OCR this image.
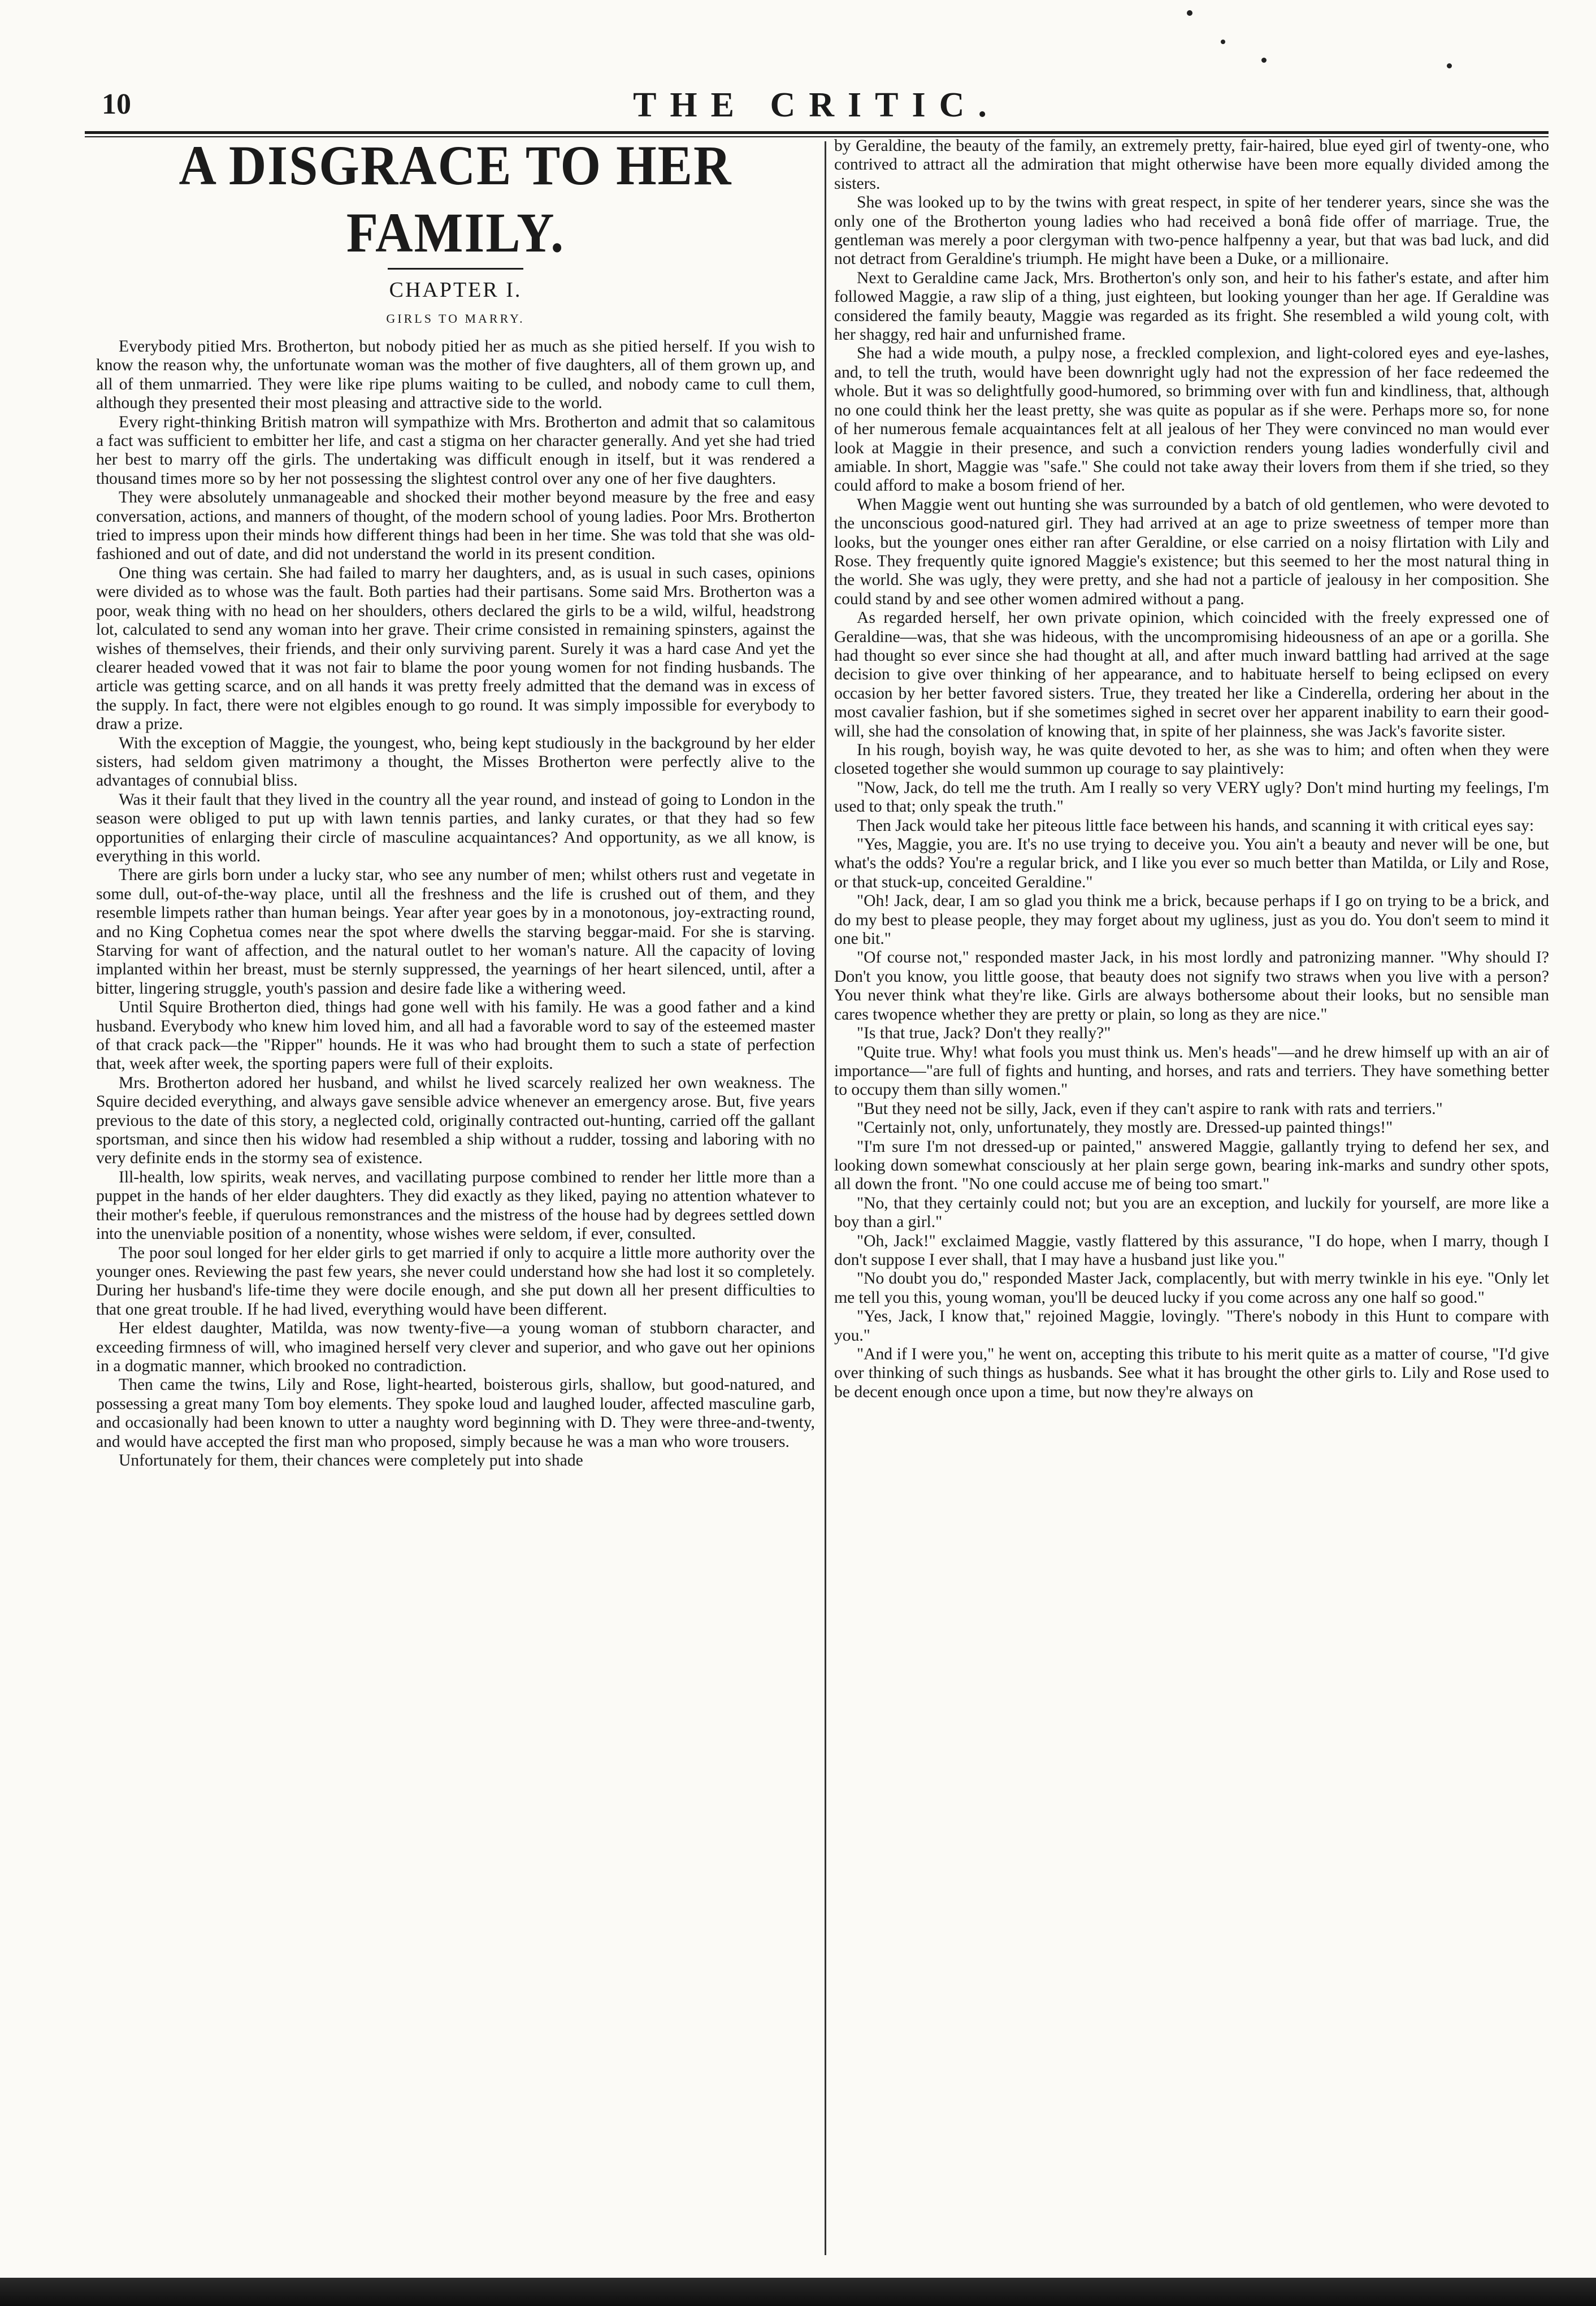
10	THE CRITIC.
A DISGRACE TO HER FAMILY.
CHAPTER I.
GIRLS TO MARRY.

Everybody pitied Mrs. Brotherton, but nobody pitied her as much as she pitied herself. If you wish to know the reason why, the unfortunate woman was the mother of five daughters, all of them grown up, and all of them unmarried. They were like ripe plums waiting to be culled, and nobody came to cull them, although they presented their most pleasing and attractive side to the world.

Every right-thinking British matron will sympathize with Mrs. Brotherton and admit that so calamitous a fact was sufficient to embitter her life, and cast a stigma on her character generally. And yet she had tried her best to marry off the girls. The undertaking was difficult enough in itself, but it was rendered a thousand times more so by her not possessing the slightest control over any one of her five daughters.

They were absolutely unmanageable and shocked their mother beyond measure by the free and easy conversation, actions, and manners of thought, of the modern school of young ladies. Poor Mrs. Brotherton tried to impress upon their minds how different things had been in her time. She was told that she was old-fashioned and out of date, and did not understand the world in its present condition.

One thing was certain. She had failed to marry her daughters, and, as is usual in such cases, opinions were divided as to whose was the fault. Both parties had their partisans. Some said Mrs. Brotherton was a poor, weak thing with no head on her shoulders, others declared the girls to be a wild, wilful, headstrong lot, calculated to send any woman into her grave. Their crime consisted in remaining spinsters, against the wishes of themselves, their friends, and their only surviving parent. Surely it was a hard case And yet the clearer headed vowed that it was not fair to blame the poor young women for not finding husbands. The article was getting scarce, and on all hands it was pretty freely admitted that the demand was in excess of the supply. In fact, there were not elgibles enough to go round. It was simply impossible for everybody to draw a prize.

With the exception of Maggie, the youngest, who, being kept studiously in the background by her elder sisters, had seldom given matrimony a thought, the Misses Brotherton were perfectly alive to the advantages of connubial bliss.

Was it their fault that they lived in the country all the year round, and instead of going to London in the season were obliged to put up with lawn tennis parties, and lanky curates, or that they had so few opportunities of enlarging their circle of masculine acquaintances? And opportunity, as we all know, is everything in this world.

There are girls born under a lucky star, who see any number of men; whilst others rust and vegetate in some dull, out-of-the-way place, until all the freshness and the life is crushed out of them, and they resemble limpets rather than human beings. Year after year goes by in a monotonous, joy-extracting round, and no King Cophetua comes near the spot where dwells the starving beggar-maid. For she is starving. Starving for want of affection, and the natural outlet to her woman's nature. All the capacity of loving implanted within her breast, must be sternly suppressed, the yearnings of her heart silenced, until, after a bitter, lingering struggle, youth's passion and desire fade like a withering weed.

Until Squire Brotherton died, things had gone well with his family. He was a good father and a kind husband. Everybody who knew him loved him, and all had a favorable word to say of the esteemed master of that crack pack—the "Ripper" hounds. He it was who had brought them to such a state of perfection that, week after week, the sporting papers were full of their exploits.

Mrs. Brotherton adored her husband, and whilst he lived scarcely realized her own weakness. The Squire decided everything, and always gave sensible advice whenever an emergency arose. But, five years previous to the date of this story, a neglected cold, originally contracted out-hunting, carried off the gallant sportsman, and since then his widow had resembled a ship without a rudder, tossing and laboring with no very definite ends in the stormy sea of existence.

Ill-health, low spirits, weak nerves, and vacillating purpose combined to render her little more than a puppet in the hands of her elder daughters. They did exactly as they liked, paying no attention whatever to their mother's feeble, if querulous remonstrances and the mistress of the house had by degrees settled down into the unenviable position of a nonentity, whose wishes were seldom, if ever, consulted.

The poor soul longed for her elder girls to get married if only to acquire a little more authority over the younger ones. Reviewing the past few years, she never could understand how she had lost it so completely. During her husband's life-time they were docile enough, and she put down all her present difficulties to that one great trouble. If he had lived, everything would have been different.

Her eldest daughter, Matilda, was now twenty-five—a young woman of stubborn character, and exceeding firmness of will, who imagined herself very clever and superior, and who gave out her opinions in a dogmatic manner, which brooked no contradiction.

Then came the twins, Lily and Rose, light-hearted, boisterous girls, shallow, but good-natured, and possessing a great many Tom boy elements. They spoke loud and laughed louder, affected masculine garb, and occasionally had been known to utter a naughty word beginning with D. They were three-and-twenty, and would have accepted the first man who proposed, simply because he was a man who wore trousers.

Unfortunately for them, their chances were completely put into shade

by Geraldine, the beauty of the family, an extremely pretty, fair-haired, blue eyed girl of twenty-one, who contrived to attract all the admiration that might otherwise have been more equally divided among the sisters.

She was looked up to by the twins with great respect, in spite of her tenderer years, since she was the only one of the Brotherton young ladies who had received a bonâ fide offer of marriage. True, the gentleman was merely a poor clergyman with two-pence halfpenny a year, but that was bad luck, and did not detract from Geraldine's triumph. He might have been a Duke, or a millionaire.

Next to Geraldine came Jack, Mrs. Brotherton's only son, and heir to his father's estate, and after him followed Maggie, a raw slip of a thing, just eighteen, but looking younger than her age. If Geraldine was considered the family beauty, Maggie was regarded as its fright. She resembled a wild young colt, with her shaggy, red hair and unfurnished frame.

She had a wide mouth, a pulpy nose, a freckled complexion, and light-colored eyes and eye-lashes, and, to tell the truth, would have been downright ugly had not the expression of her face redeemed the whole. But it was so delightfully good-humored, so brimming over with fun and kindliness, that, although no one could think her the least pretty, she was quite as popular as if she were. Perhaps more so, for none of her numerous female acquaintances felt at all jealous of her They were convinced no man would ever look at Maggie in their presence, and such a conviction renders young ladies wonderfully civil and amiable. In short, Maggie was "safe." She could not take away their lovers from them if she tried, so they could afford to make a bosom friend of her.

When Maggie went out hunting she was surrounded by a batch of old gentlemen, who were devoted to the unconscious good-natured girl. They had arrived at an age to prize sweetness of temper more than looks, but the younger ones either ran after Geraldine, or else carried on a noisy flirtation with Lily and Rose. They frequently quite ignored Maggie's existence; but this seemed to her the most natural thing in the world. She was ugly, they were pretty, and she had not a particle of jealousy in her composition. She could stand by and see other women admired without a pang.

As regarded herself, her own private opinion, which coincided with the freely expressed one of Geraldine—was, that she was hideous, with the uncompromising hideousness of an ape or a gorilla. She had thought so ever since she had thought at all, and after much inward battling had arrived at the sage decision to give over thinking of her appearance, and to habituate herself to being eclipsed on every occasion by her better favored sisters. True, they treated her like a Cinderella, ordering her about in the most cavalier fashion, but if she sometimes sighed in secret over her apparent inability to earn their good-will, she had the consolation of knowing that, in spite of her plainness, she was Jack's favorite sister.

In his rough, boyish way, he was quite devoted to her, as she was to him; and often when they were closeted together she would summon up courage to say plaintively:

"Now, Jack, do tell me the truth. Am I really so very VERY ugly? Don't mind hurting my feelings, I'm used to that; only speak the truth."

Then Jack would take her piteous little face between his hands, and scanning it with critical eyes say:

"Yes, Maggie, you are. It's no use trying to deceive you. You ain't a beauty and never will be one, but what's the odds? You're a regular brick, and I like you ever so much better than Matilda, or Lily and Rose, or that stuck-up, conceited Geraldine."

"Oh! Jack, dear, I am so glad you think me a brick, because perhaps if I go on trying to be a brick, and do my best to please people, they may forget about my ugliness, just as you do. You don't seem to mind it one bit."

"Of course not," responded master Jack, in his most lordly and patronizing manner. "Why should I? Don't you know, you little goose, that beauty does not signify two straws when you live with a person? You never think what they're like. Girls are always bothersome about their looks, but no sensible man cares twopence whether they are pretty or plain, so long as they are nice."

"Is that true, Jack? Don't they really?"

"Quite true. Why! what fools you must think us. Men's heads"—and he drew himself up with an air of importance—"are full of fights and hunting, and horses, and rats and terriers. They have something better to occupy them than silly women."

"But they need not be silly, Jack, even if they can't aspire to rank with rats and terriers."

"Certainly not, only, unfortunately, they mostly are. Dressed-up painted things!"

"I'm sure I'm not dressed-up or painted," answered Maggie, gallantly trying to defend her sex, and looking down somewhat consciously at her plain serge gown, bearing ink-marks and sundry other spots, all down the front. "No one could accuse me of being too smart."

"No, that they certainly could not; but you are an exception, and luckily for yourself, are more like a boy than a girl."

"Oh, Jack!" exclaimed Maggie, vastly flattered by this assurance, "I do hope, when I marry, though I don't suppose I ever shall, that I may have a husband just like you."

"No doubt you do," responded Master Jack, complacently, but with merry twinkle in his eye. "Only let me tell you this, young woman, you'll be deuced lucky if you come across any one half so good."

"Yes, Jack, I know that," rejoined Maggie, lovingly. "There's nobody in this Hunt to compare with you."

"And if I were you," he went on, accepting this tribute to his merit quite as a matter of course, "I'd give over thinking of such things as husbands. See what it has brought the other girls to. Lily and Rose used to be decent enough once upon a time, but now they're always on
